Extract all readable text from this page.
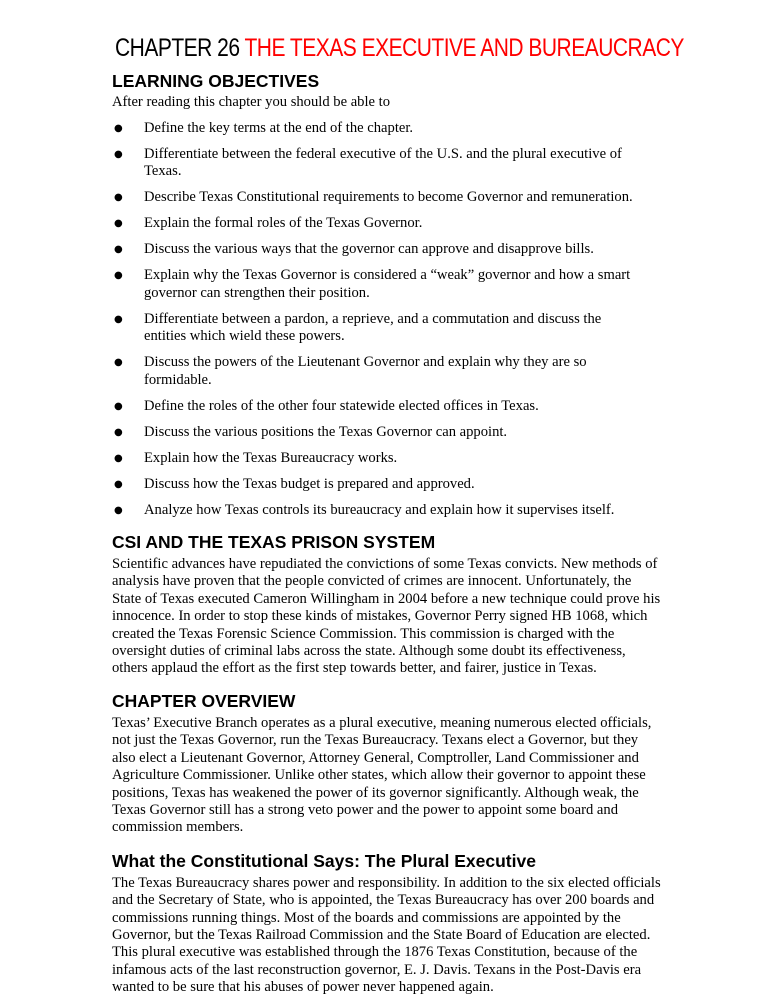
CHAPTER 26 THE TEXAS EXECUTIVE AND BUREAUCRACY
LEARNING OBJECTIVES

After reading this chapter you should be able to

● Define the key terms at the end of the chapter.
● Differentiate between the federal executive of the U.S. and the plural executive of Texas.
● Describe Texas Constitutional requirements to become Governor and remuneration.
● Explain the formal roles of the Texas Governor.
● Discuss the various ways that the governor can approve and disapprove bills.
● Explain why the Texas Governor is considered a “weak” governor and how a smart governor can strengthen their position.
● Differentiate between a pardon, a reprieve, and a commutation and discuss the entities which wield these powers.
● Discuss the powers of the Lieutenant Governor and explain why they are so formidable.
● Define the roles of the other four statewide elected offices in Texas.
● Discuss the various positions the Texas Governor can appoint.
● Explain how the Texas Bureaucracy works.
● Discuss how the Texas budget is prepared and approved.
● Analyze how Texas controls its bureaucracy and explain how it supervises itself.
CSI AND THE TEXAS PRISON SYSTEM

Scientific advances have repudiated the convictions of some Texas convicts. New methods of analysis have proven that the people convicted of crimes are innocent. Unfortunately, the State of Texas executed Cameron Willingham in 2004 before a new technique could prove his innocence. In order to stop these kinds of mistakes, Governor Perry signed HB 1068, which created the Texas Forensic Science Commission. This commission is charged with the oversight duties of criminal labs across the state. Although some doubt its effectiveness, others applaud the effort as the first step towards better, and fairer, justice in Texas.

CHAPTER OVERVIEW

Texas’ Executive Branch operates as a plural executive, meaning numerous elected officials, not just the Texas Governor, run the Texas Bureaucracy. Texans elect a Governor, but they also elect a Lieutenant Governor, Attorney General, Comptroller, Land Commissioner and Agriculture Commissioner. Unlike other states, which allow their governor to appoint these positions, Texas has weakened the power of its governor significantly. Although weak, the Texas Governor still has a strong veto power and the power to appoint some board and commission members.

What the Constitutional Says: The Plural Executive

The Texas Bureaucracy shares power and responsibility. In addition to the six elected officials and the Secretary of State, who is appointed, the Texas Bureaucracy has over 200 boards and commissions running things. Most of the boards and commissions are appointed by the Governor, but the Texas Railroad Commission and the State Board of Education are elected. This plural executive was established through the 1876 Texas Constitution, because of the infamous acts of the last reconstruction governor, E. J. Davis. Texans in the Post-Davis era wanted to be sure that his abuses of power never happened again.
